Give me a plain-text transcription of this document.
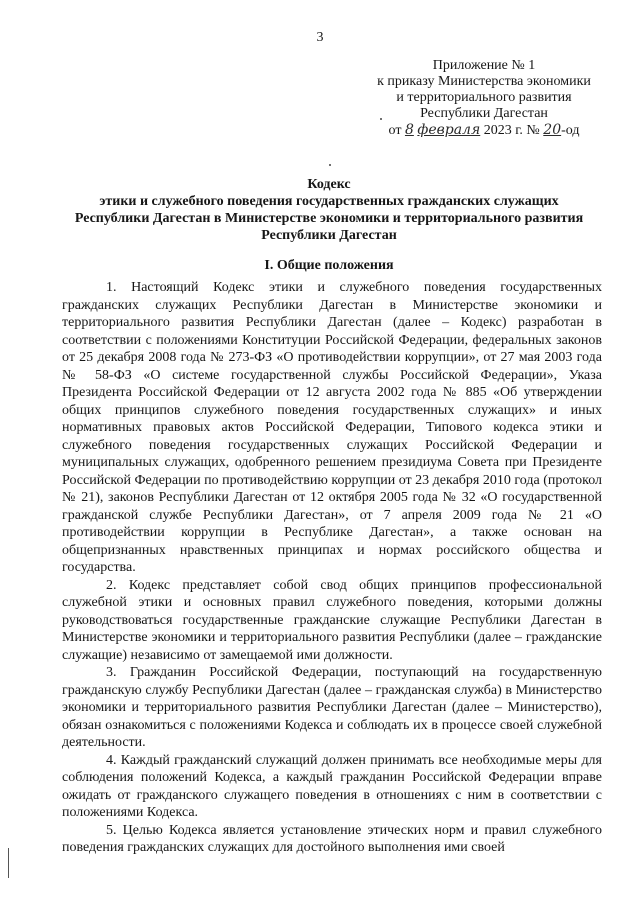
3
Приложение № 1
к приказу Министерства экономики
и территориального развития
Республики Дагестан
от 8 февраля 2023 г. № 20-од
Кодекс
этики и служебного поведения государственных гражданских служащих
Республики Дагестан в Министерстве экономики и территориального развития
Республики Дагестан
I. Общие положения

1. Настоящий Кодекс этики и служебного поведения государственных гражданских служащих Республики Дагестан в Министерстве экономики и территориального развития Республики Дагестан (далее – Кодекс) разработан в соответствии с положениями Конституции Российской Федерации, федеральных законов от 25 декабря 2008 года № 273-ФЗ «О противодействии коррупции», от 27 мая 2003 года № 58-ФЗ «О системе государственной службы Российской Федерации», Указа Президента Российской Федерации от 12 августа 2002 года № 885 «Об утверждении общих принципов служебного поведения государственных служащих» и иных нормативных правовых актов Российской Федерации, Типового кодекса этики и служебного поведения государственных служащих Российской Федерации и муниципальных служащих, одобренного решением президиума Совета при Президенте Российской Федерации по противодействию коррупции от 23 декабря 2010 года (протокол № 21), законов Республики Дагестан от 12 октября 2005 года № 32 «О государственной гражданской службе Республики Дагестан», от 7 апреля 2009 года № 21 «О противодействии коррупции в Республике Дагестан», а также основан на общепризнанных нравственных принципах и нормах российского общества и государства.

2. Кодекс представляет собой свод общих принципов профессиональной служебной этики и основных правил служебного поведения, которыми должны руководствоваться государственные гражданские служащие Республики Дагестан в Министерстве экономики и территориального развития Республики (далее – гражданские служащие) независимо от замещаемой ими должности.

3. Гражданин Российской Федерации, поступающий на государственную гражданскую службу Республики Дагестан (далее – гражданская служба) в Министерство экономики и территориального развития Республики Дагестан (далее – Министерство), обязан ознакомиться с положениями Кодекса и соблюдать их в процессе своей служебной деятельности.

4. Каждый гражданский служащий должен принимать все необходимые меры для соблюдения положений Кодекса, а каждый гражданин Российской Федерации вправе ожидать от гражданского служащего поведения в отношениях с ним в соответствии с положениями Кодекса.

5. Целью Кодекса является установление этических норм и правил служебного поведения гражданских служащих для достойного выполнения ими своей
